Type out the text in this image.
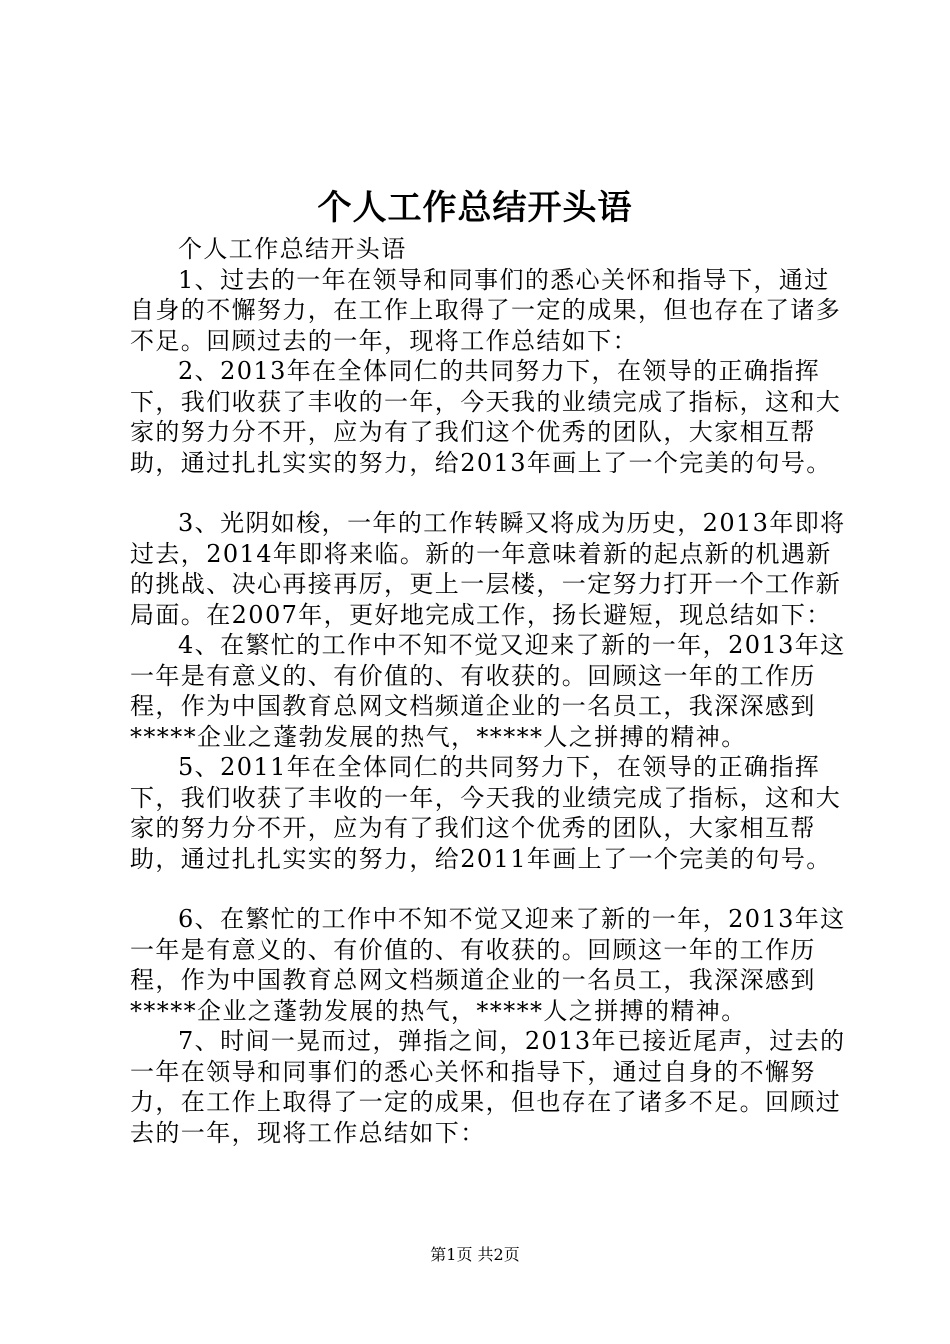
个人工作总结开头语

个人工作总结开头语

1、过去的一年在领导和同事们的悉心关怀和指导下，通过自身的不懈努力，在工作上取得了一定的成果，但也存在了诸多不足。回顾过去的一年，现将工作总结如下：

2、2013年在全体同仁的共同努力下，在领导的正确指挥下，我们收获了丰收的一年，今天我的业绩完成了指标，这和大家的努力分不开，应为有了我们这个优秀的团队，大家相互帮助，通过扎扎实实的努力，给2013年画上了一个完美的句号。

3、光阴如梭，一年的工作转瞬又将成为历史，2013年即将过去，2014年即将来临。新的一年意味着新的起点新的机遇新的挑战、决心再接再厉，更上一层楼，一定努力打开一个工作新局面。在2007年，更好地完成工作，扬长避短，现总结如下：

4、在繁忙的工作中不知不觉又迎来了新的一年，2013年这一年是有意义的、有价值的、有收获的。回顾这一年的工作历程，作为中国教育总网文档频道企业的一名员工，我深深感到*****企业之蓬勃发展的热气，*****人之拼搏的精神。

5、2011年在全体同仁的共同努力下，在领导的正确指挥下，我们收获了丰收的一年，今天我的业绩完成了指标，这和大家的努力分不开，应为有了我们这个优秀的团队，大家相互帮助，通过扎扎实实的努力，给2011年画上了一个完美的句号。

6、在繁忙的工作中不知不觉又迎来了新的一年，2013年这一年是有意义的、有价值的、有收获的。回顾这一年的工作历程，作为中国教育总网文档频道企业的一名员工，我深深感到*****企业之蓬勃发展的热气，*****人之拼搏的精神。

7、时间一晃而过，弹指之间，2013年已接近尾声，过去的一年在领导和同事们的悉心关怀和指导下，通过自身的不懈努力，在工作上取得了一定的成果，但也存在了诸多不足。回顾过去的一年，现将工作总结如下：

第1页 共2页
